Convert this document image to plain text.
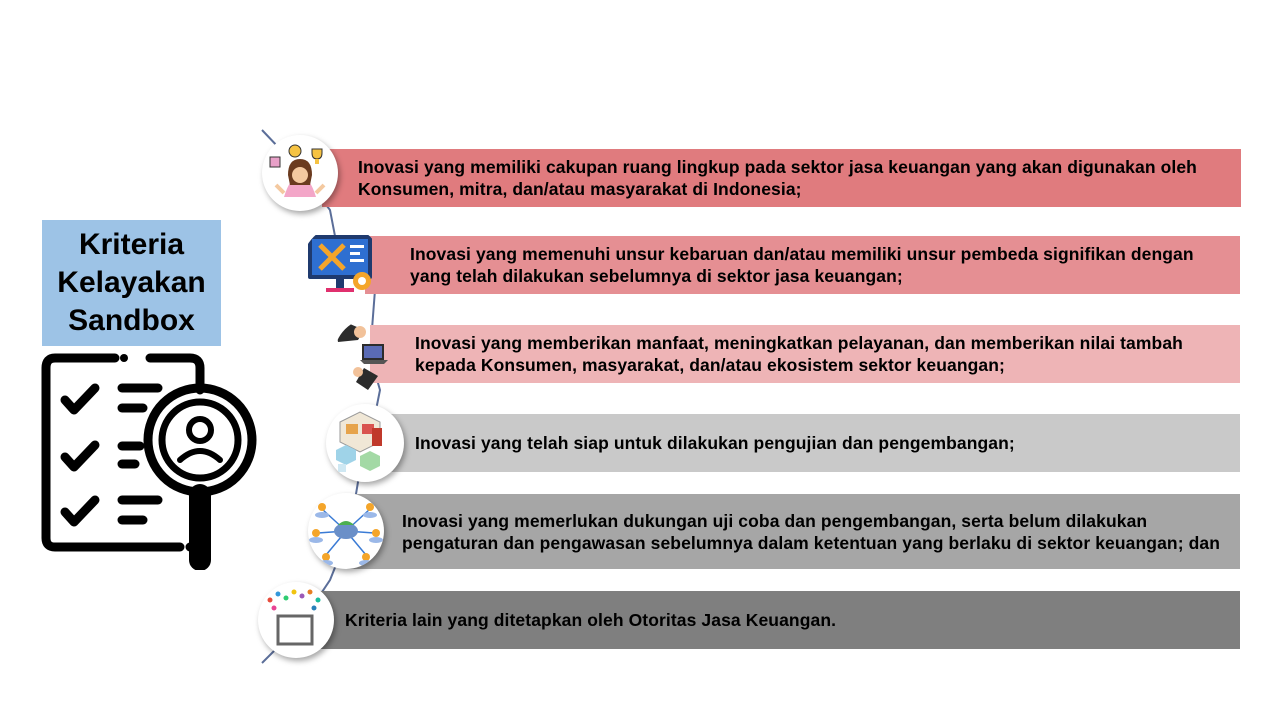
Kriteria
Kelayakan
Sandbox
Inovasi yang memiliki cakupan ruang lingkup pada sektor jasa keuangan yang akan digunakan oleh Konsumen, mitra, dan/atau masyarakat di Indonesia;
Inovasi yang memenuhi unsur kebaruan dan/atau memiliki unsur pembeda signifikan dengan yang telah dilakukan sebelumnya di sektor jasa keuangan;
Inovasi yang memberikan manfaat, meningkatkan pelayanan, dan memberikan nilai tambah kepada Konsumen, masyarakat, dan/atau ekosistem sektor keuangan;
Inovasi yang telah siap untuk dilakukan pengujian dan pengembangan;
Inovasi yang memerlukan dukungan uji coba dan pengembangan, serta belum dilakukan pengaturan dan pengawasan sebelumnya dalam ketentuan yang berlaku di sektor keuangan; dan
Kriteria lain yang ditetapkan oleh Otoritas Jasa Keuangan.
